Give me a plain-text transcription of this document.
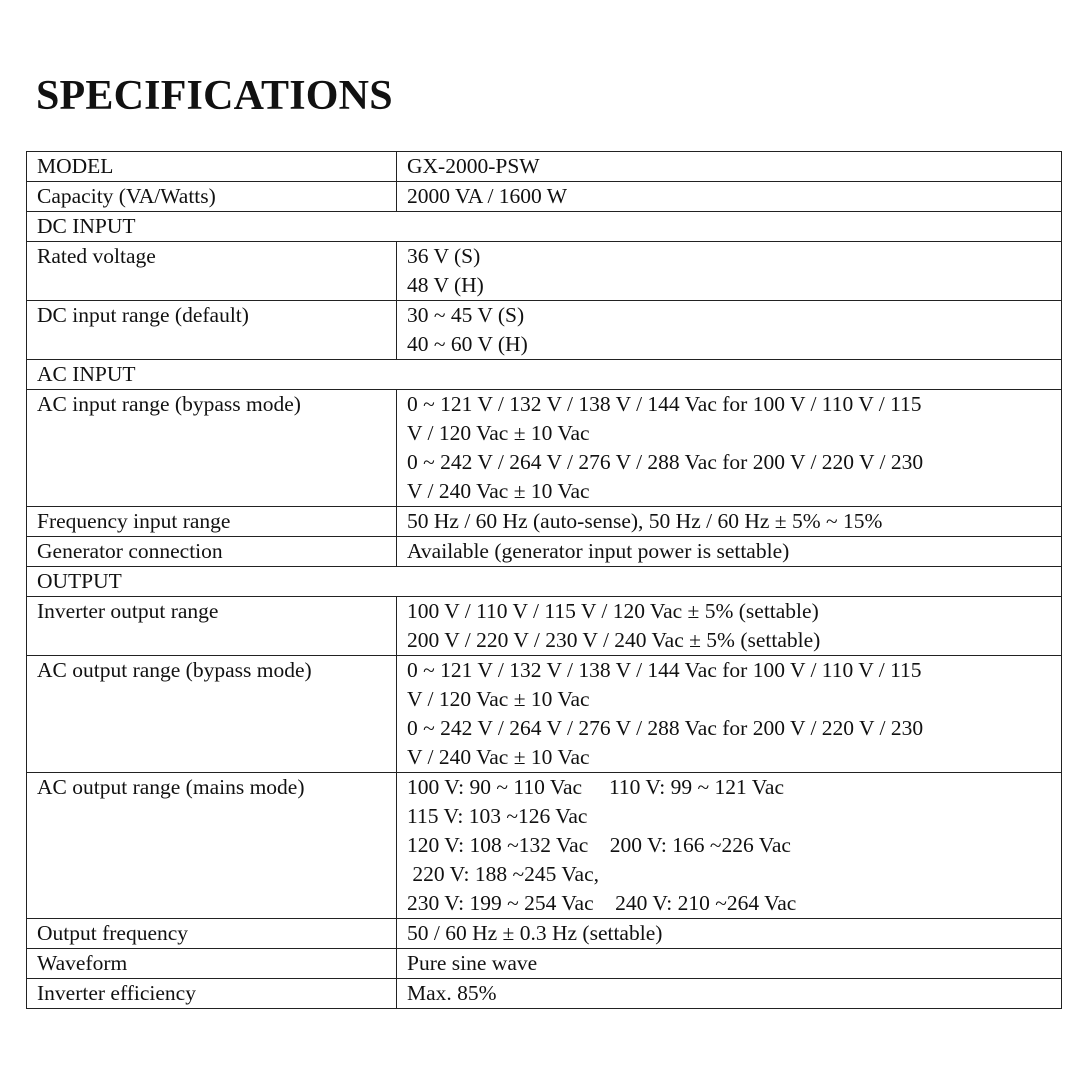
SPECIFICATIONS
MODEL	GX-2000-PSW
Capacity (VA/Watts)	2000 VA / 1600 W
DC INPUT	
Rated voltage	36 V (S)
48 V (H)

DC input range (default)	30 ~ 45 V (S)
40 ~ 60 V (H)

AC INPUT	
AC input range (bypass mode)	0 ~ 121 V / 132 V / 138 V / 144 Vac for 100 V / 110 V / 115
V / 120 Vac ± 10 Vac
0 ~ 242 V / 264 V / 276 V / 288 Vac for 200 V / 220 V / 230
V / 240 Vac ± 10 Vac

Frequency input range	50 Hz / 60 Hz (auto-sense), 50 Hz / 60 Hz ± 5% ~ 15%
Generator connection	Available (generator input power is settable)
OUTPUT	
Inverter output range	100 V / 110 V / 115 V / 120 Vac ± 5% (settable)
200 V / 220 V / 230 V / 240 Vac ± 5% (settable)

AC output range (bypass mode)	0 ~ 121 V / 132 V / 138 V / 144 Vac for 100 V / 110 V / 115
V / 120 Vac ± 10 Vac
0 ~ 242 V / 264 V / 276 V / 288 Vac for 200 V / 220 V / 230
V / 240 Vac ± 10 Vac

AC output range (mains mode)	100 V: 90 ~ 110 Vac     110 V: 99 ~ 121 Vac
115 V: 103 ~126 Vac
120 V: 108 ~132 Vac    200 V: 166 ~226 Vac
220 V: 188 ~245 Vac,
230 V: 199 ~ 254 Vac    240 V: 210 ~264 Vac

Output frequency	50 / 60 Hz ± 0.3 Hz (settable)
Waveform	Pure sine wave
Inverter efficiency	Max. 85%
